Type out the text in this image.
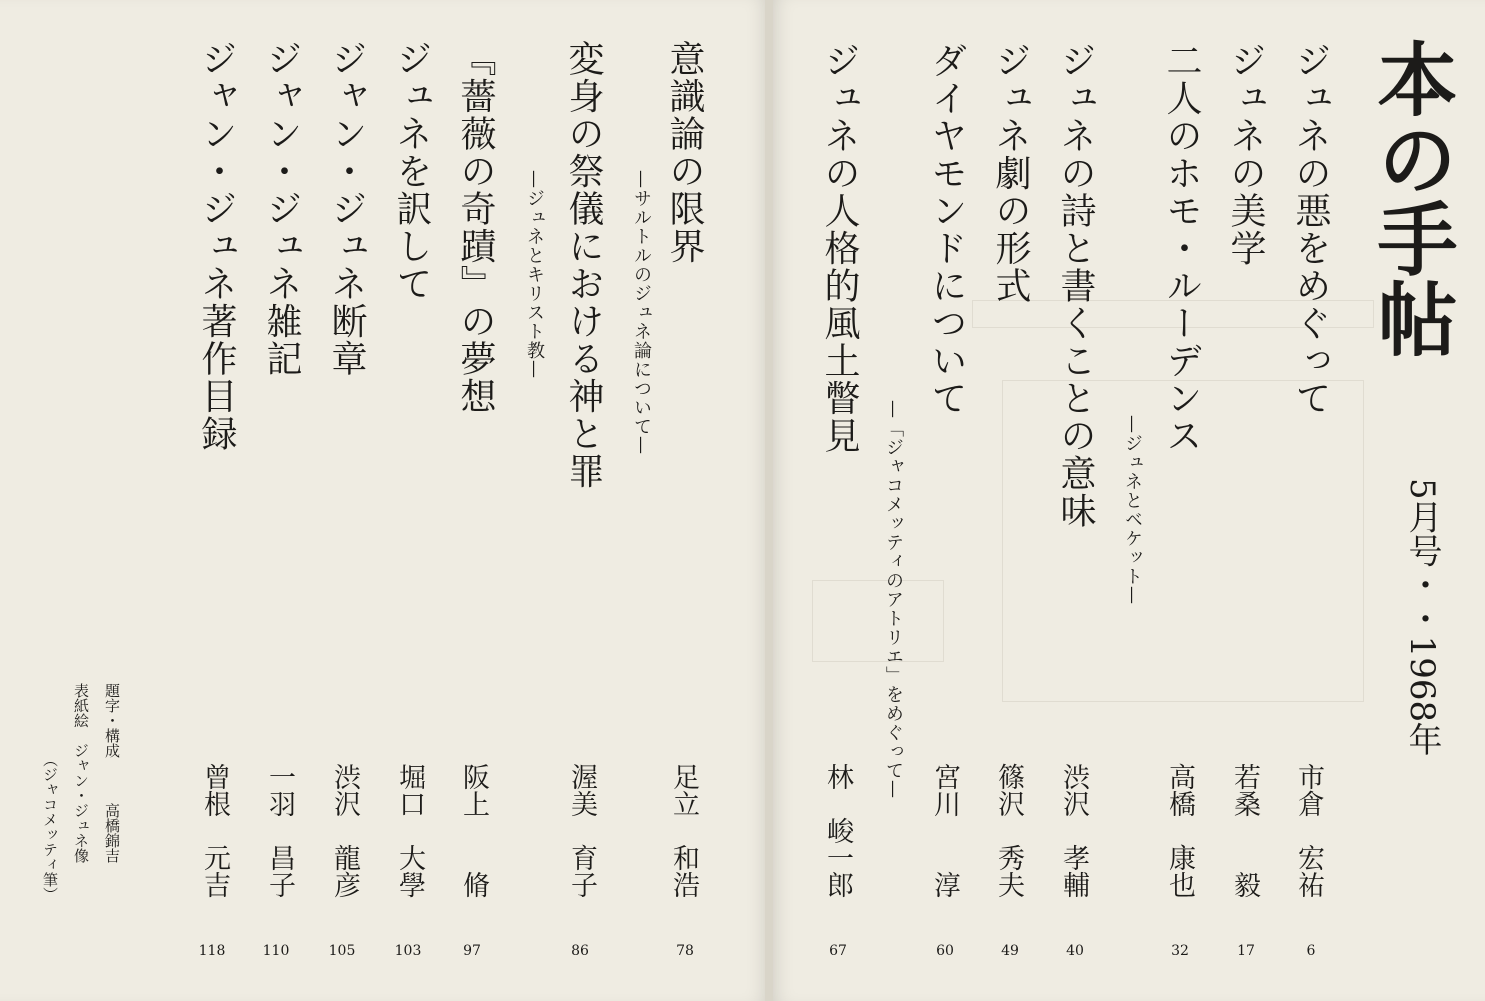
本の手帖
5月号・・1968年
ジュネの悪をめぐって
市倉　宏祐
6
ジュネの美学
若桑　　毅
17
二人のホモ・ルーデンス
—ジュネとベケット—
高橋　康也
32
ジュネの詩と書くことの意味
渋沢　孝輔
40
ジュネ劇の形式
篠沢　秀夫
49
ダイヤモンドについて
—「ジャコメッティのアトリエ」をめぐって—
宮川　　淳
60
ジュネの人格的風土瞥見
林　峻一郎
67
意識論の限界
—サルトルのジュネ論について—
足立　和浩
78
変身の祭儀における神と罪
—ジュネとキリスト教—
渥美　育子
86
『薔薇の奇蹟』の夢想
阪上　　脩
97
ジュネを訳して
堀口　大學
103
ジャン・ジュネ断章
渋沢　龍彦
105
ジャン・ジュネ雑記
一羽　昌子
110
ジャン・ジュネ著作目録
曾根　元吉
118
題字・構成　　　高橋錦吉
表紙絵　ジャン・ジュネ像
（ジャコメッティ筆）
